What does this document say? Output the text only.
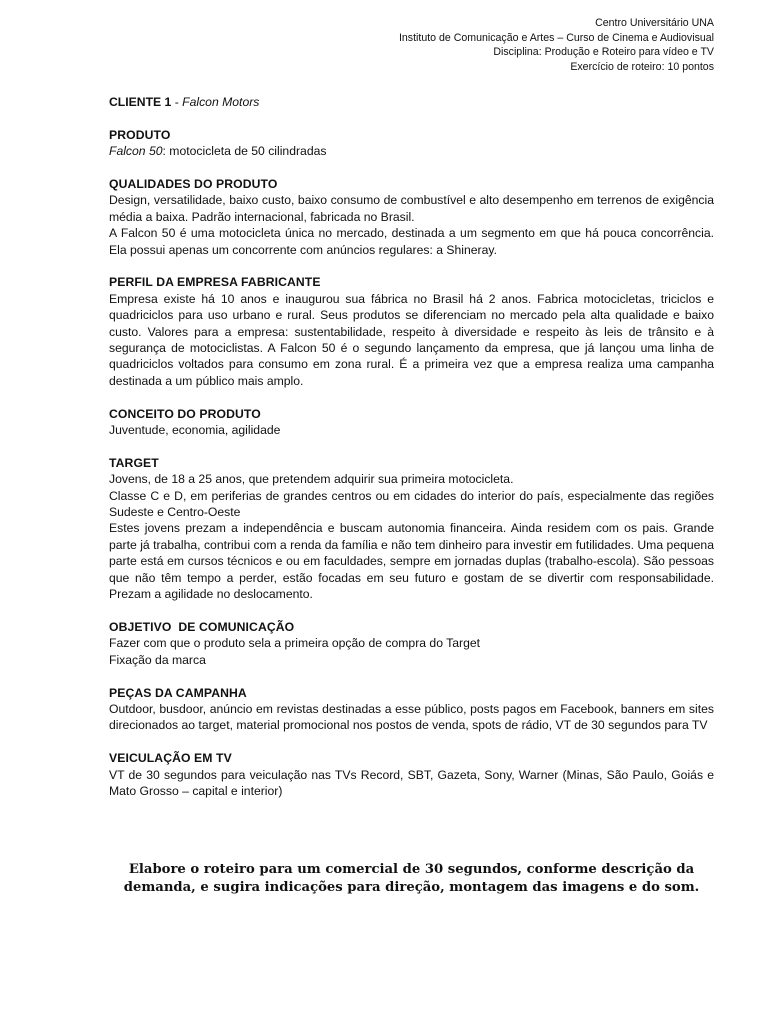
Centro Universitário UNA
Instituto de Comunicação e Artes – Curso de Cinema e Audiovisual
Disciplina: Produção e Roteiro para vídeo e TV
Exercício de roteiro: 10 pontos
CLIENTE 1 - Falcon Motors
PRODUTO
Falcon 50: motocicleta de 50 cilindradas
QUALIDADES DO PRODUTO
Design, versatilidade, baixo custo, baixo consumo de combustível e alto desempenho em terrenos de exigência média a baixa. Padrão internacional, fabricada no Brasil.
A Falcon 50 é uma motocicleta única no mercado, destinada a um segmento em que há pouca concorrência. Ela possui apenas um concorrente com anúncios regulares: a Shineray.
PERFIL DA EMPRESA FABRICANTE
Empresa existe há 10 anos e inaugurou sua fábrica no Brasil há 2 anos. Fabrica motocicletas, triciclos e quadriciclos para uso urbano e rural. Seus produtos se diferenciam no mercado pela alta qualidade e baixo custo. Valores para a empresa: sustentabilidade, respeito à diversidade e respeito às leis de trânsito e à segurança de motociclistas. A Falcon 50 é o segundo lançamento da empresa, que já lançou uma linha de quadriciclos voltados para consumo em zona rural. É a primeira vez que a empresa realiza uma campanha destinada a um público mais amplo.
CONCEITO DO PRODUTO
Juventude, economia, agilidade
TARGET
Jovens, de 18 a 25 anos, que pretendem adquirir sua primeira motocicleta.
Classe C e D, em periferias de grandes centros ou em cidades do interior do país, especialmente das regiões Sudeste e Centro-Oeste
Estes jovens prezam a independência e buscam autonomia financeira. Ainda residem com os pais. Grande parte já trabalha, contribui com a renda da família e não tem dinheiro para investir em futilidades. Uma pequena parte está em cursos técnicos e ou em faculdades, sempre em jornadas duplas (trabalho-escola). São pessoas que não têm tempo a perder, estão focadas em seu futuro e gostam de se divertir com responsabilidade. Prezam a agilidade no deslocamento.
OBJETIVO  DE COMUNICAÇÃO
Fazer com que o produto sela a primeira opção de compra do Target
Fixação da marca
PEÇAS DA CAMPANHA
Outdoor, busdoor, anúncio em revistas destinadas a esse público, posts pagos em Facebook, banners em sites direcionados ao target, material promocional nos postos de venda, spots de rádio, VT de 30 segundos para TV
VEICULAÇÃO EM TV
VT de 30 segundos para veiculação nas TVs Record, SBT, Gazeta, Sony, Warner (Minas, São Paulo, Goiás e Mato Grosso – capital e interior)
Elabore o roteiro para um comercial de 30 segundos, conforme descrição da
demanda, e sugira indicações para direção, montagem das imagens e do som.
